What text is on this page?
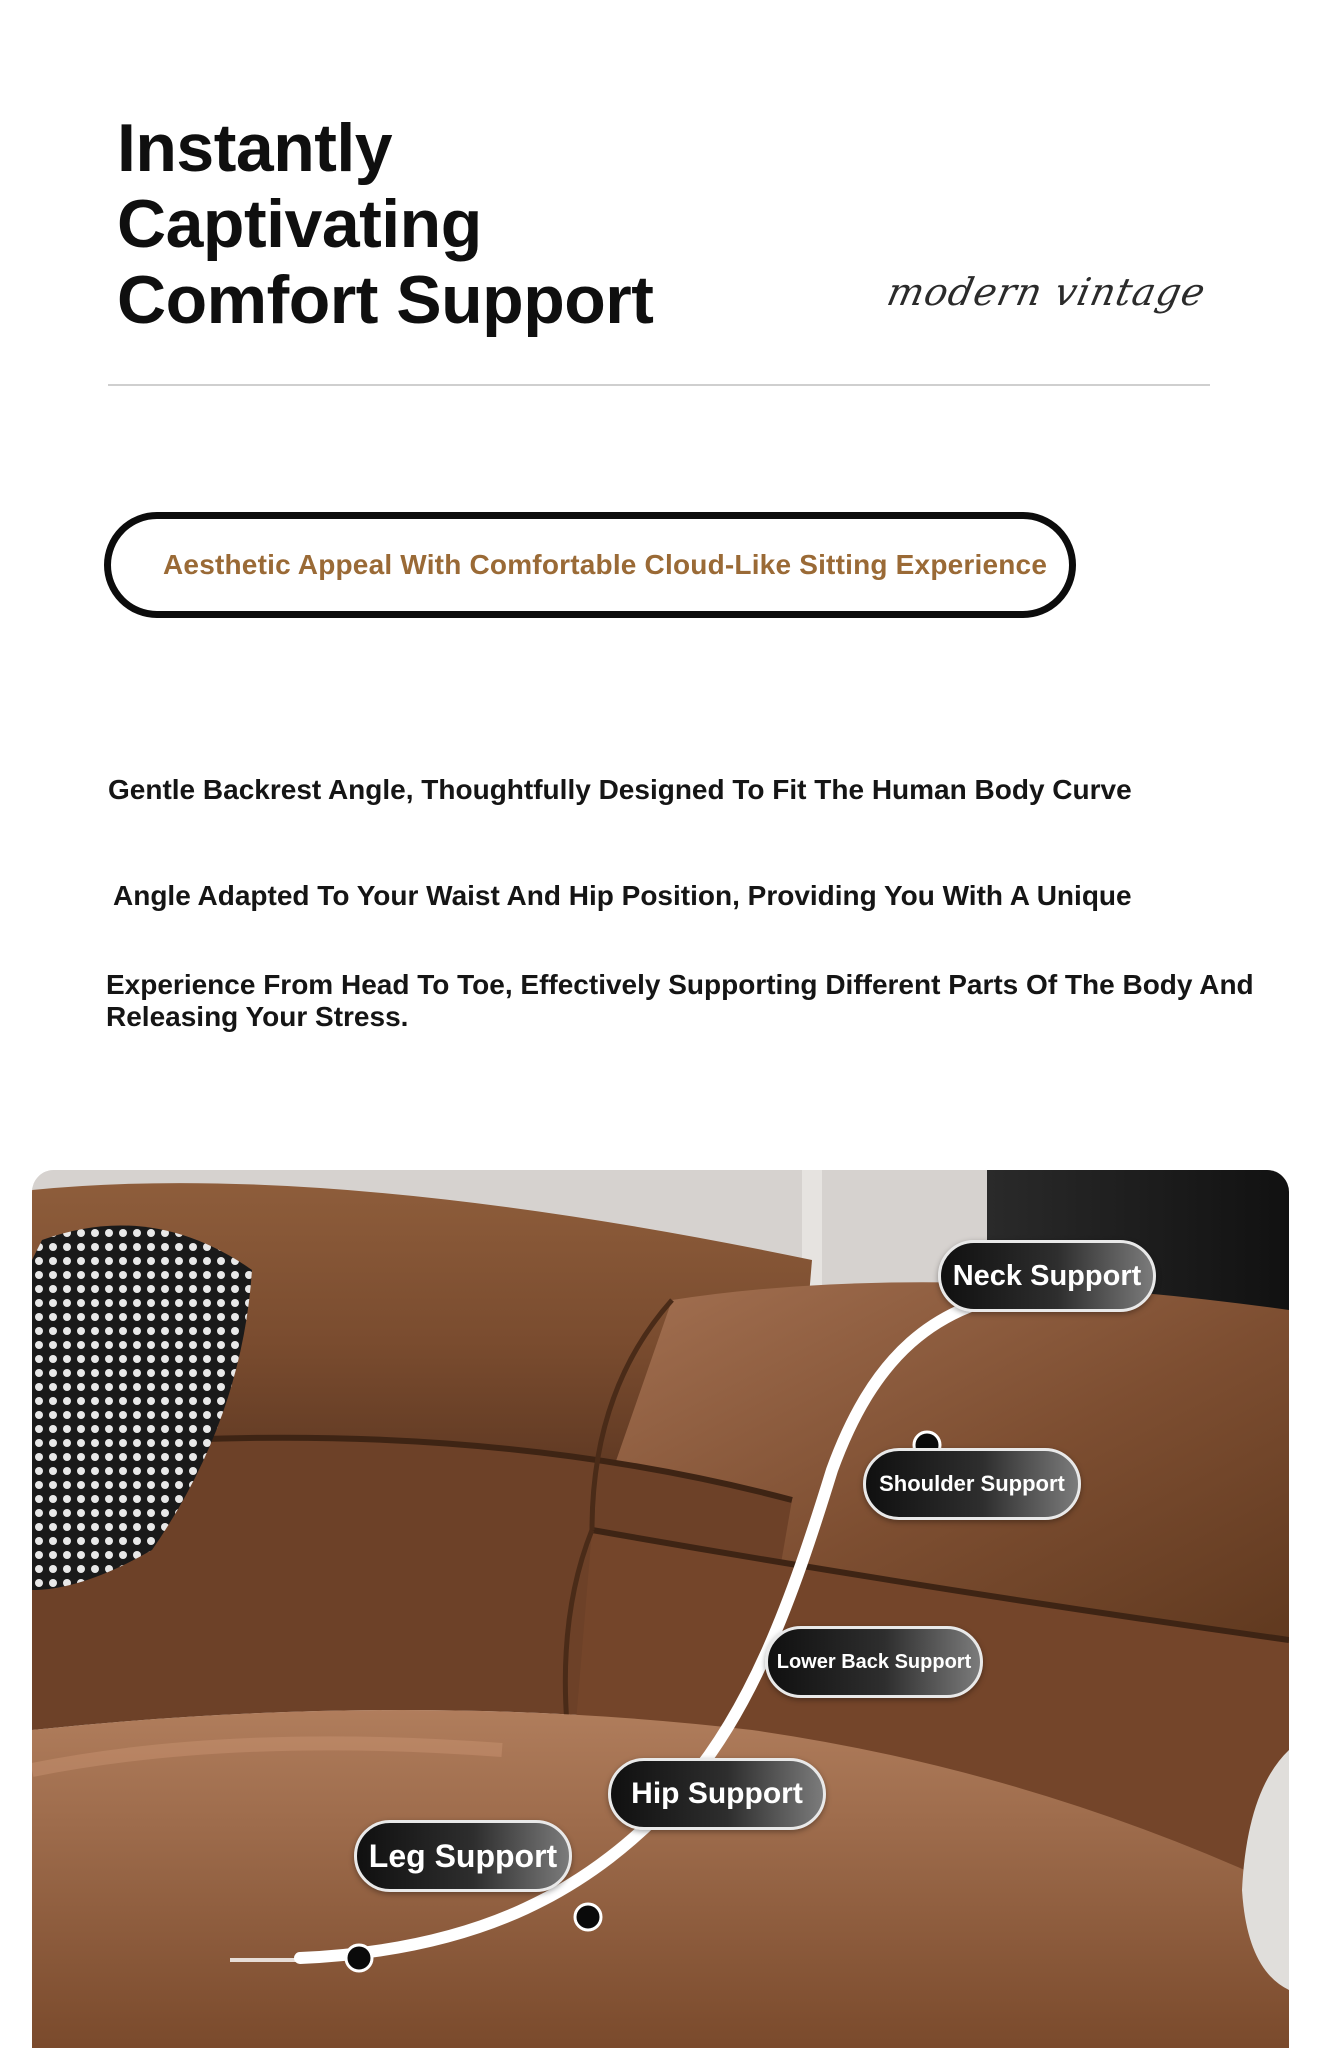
Instantly
Captivating
Comfort Support	modern vintage
Aesthetic Appeal With Comfortable Cloud-Like Sitting Experience
Gentle Backrest Angle, Thoughtfully Designed To Fit The Human Body Curve
Angle Adapted To Your Waist And Hip Position, Providing You With A Unique
Experience From Head To Toe, Effectively Supporting Different Parts Of The Body And Releasing Your Stress.
Neck Support
Shoulder Support
Lower Back Support
Hip Support
Leg Support
